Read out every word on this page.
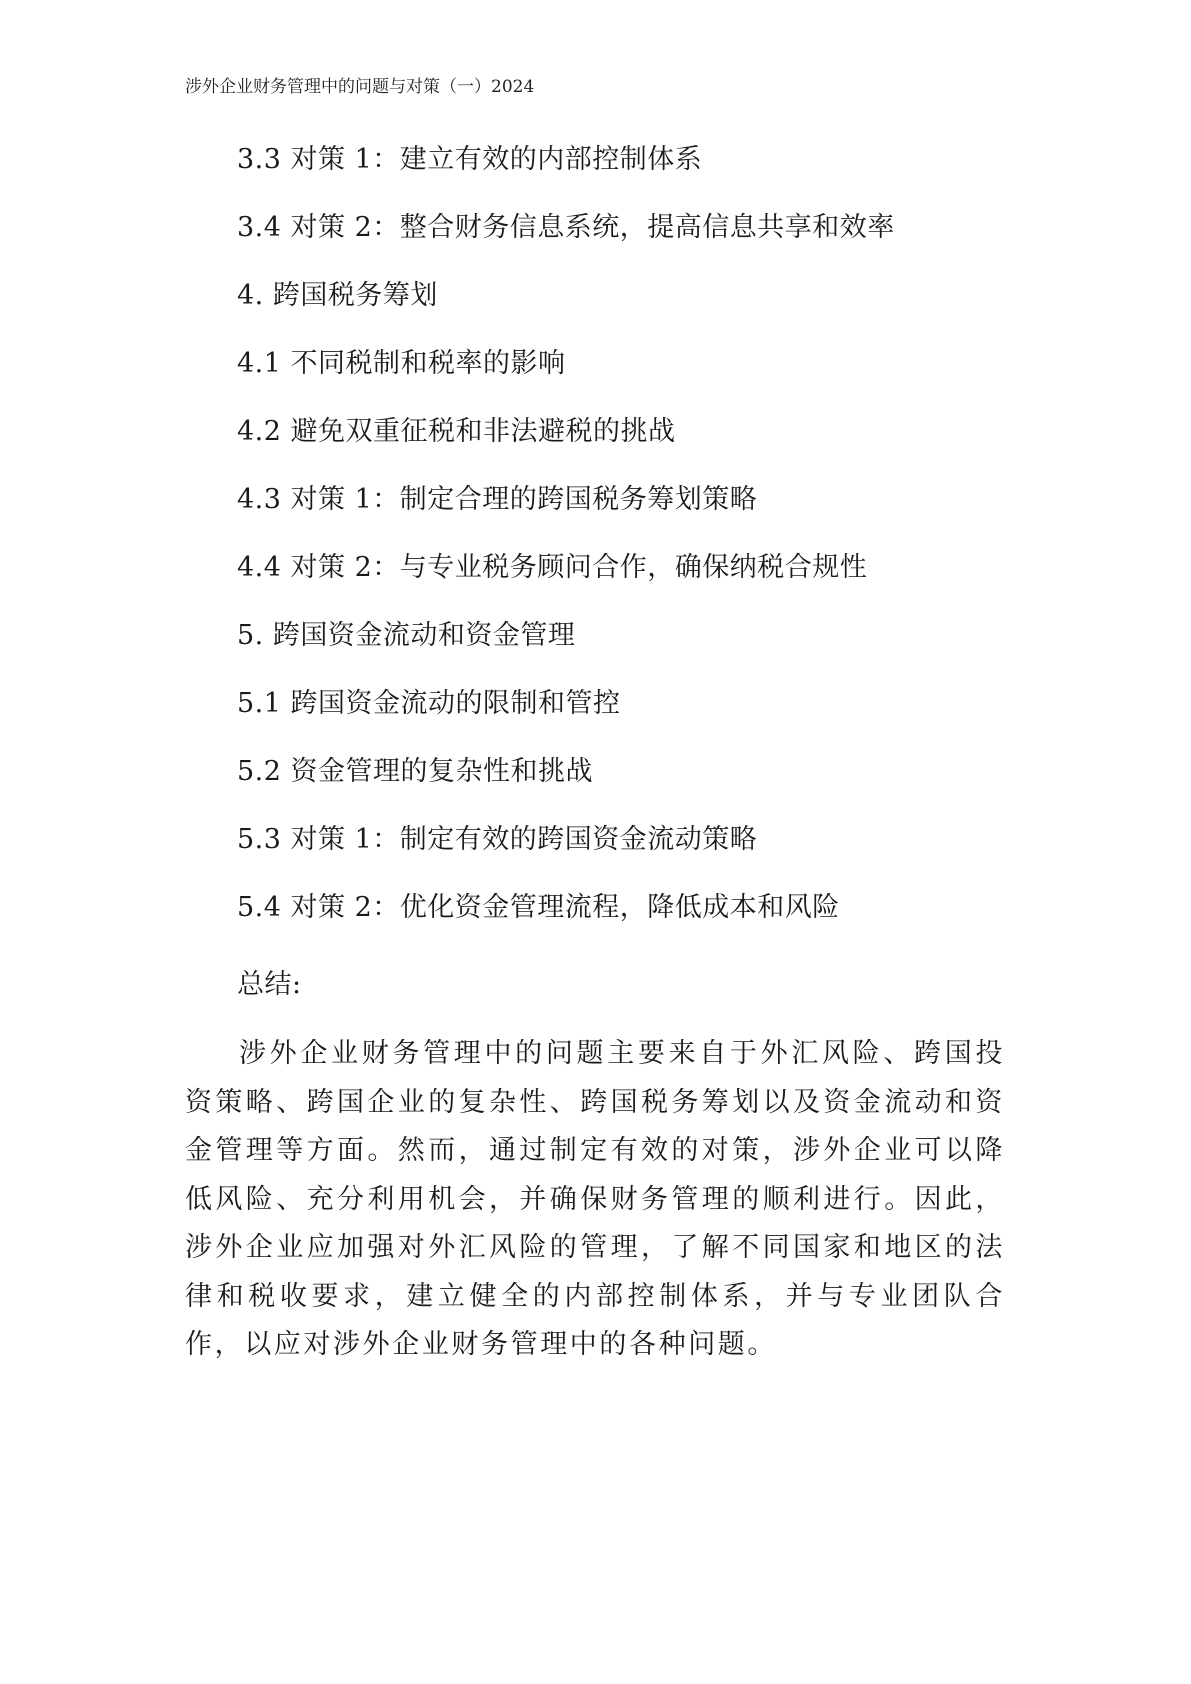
涉外企业财务管理中的问题与对策（一）2024
3.3 对策 1：建立有效的内部控制体系
3.4 对策 2：整合财务信息系统，提高信息共享和效率
4. 跨国税务筹划
4.1 不同税制和税率的影响
4.2 避免双重征税和非法避税的挑战
4.3 对策 1：制定合理的跨国税务筹划策略
4.4 对策 2：与专业税务顾问合作，确保纳税合规性
5. 跨国资金流动和资金管理
5.1 跨国资金流动的限制和管控
5.2 资金管理的复杂性和挑战
5.3 对策 1：制定有效的跨国资金流动策略
5.4 对策 2：优化资金管理流程，降低成本和风险
总结:

涉外企业财务管理中的问题主要来自于外汇风险、跨国投资策略、跨国企业的复杂性、跨国税务筹划以及资金流动和资金管理等方面。然而，通过制定有效的对策，涉外企业可以降低风险、充分利用机会，并确保财务管理的顺利进行。因此，涉外企业应加强对外汇风险的管理，了解不同国家和地区的法律和税收要求，建立健全的内部控制体系，并与专业团队合作，以应对涉外企业财务管理中的各种问题。
